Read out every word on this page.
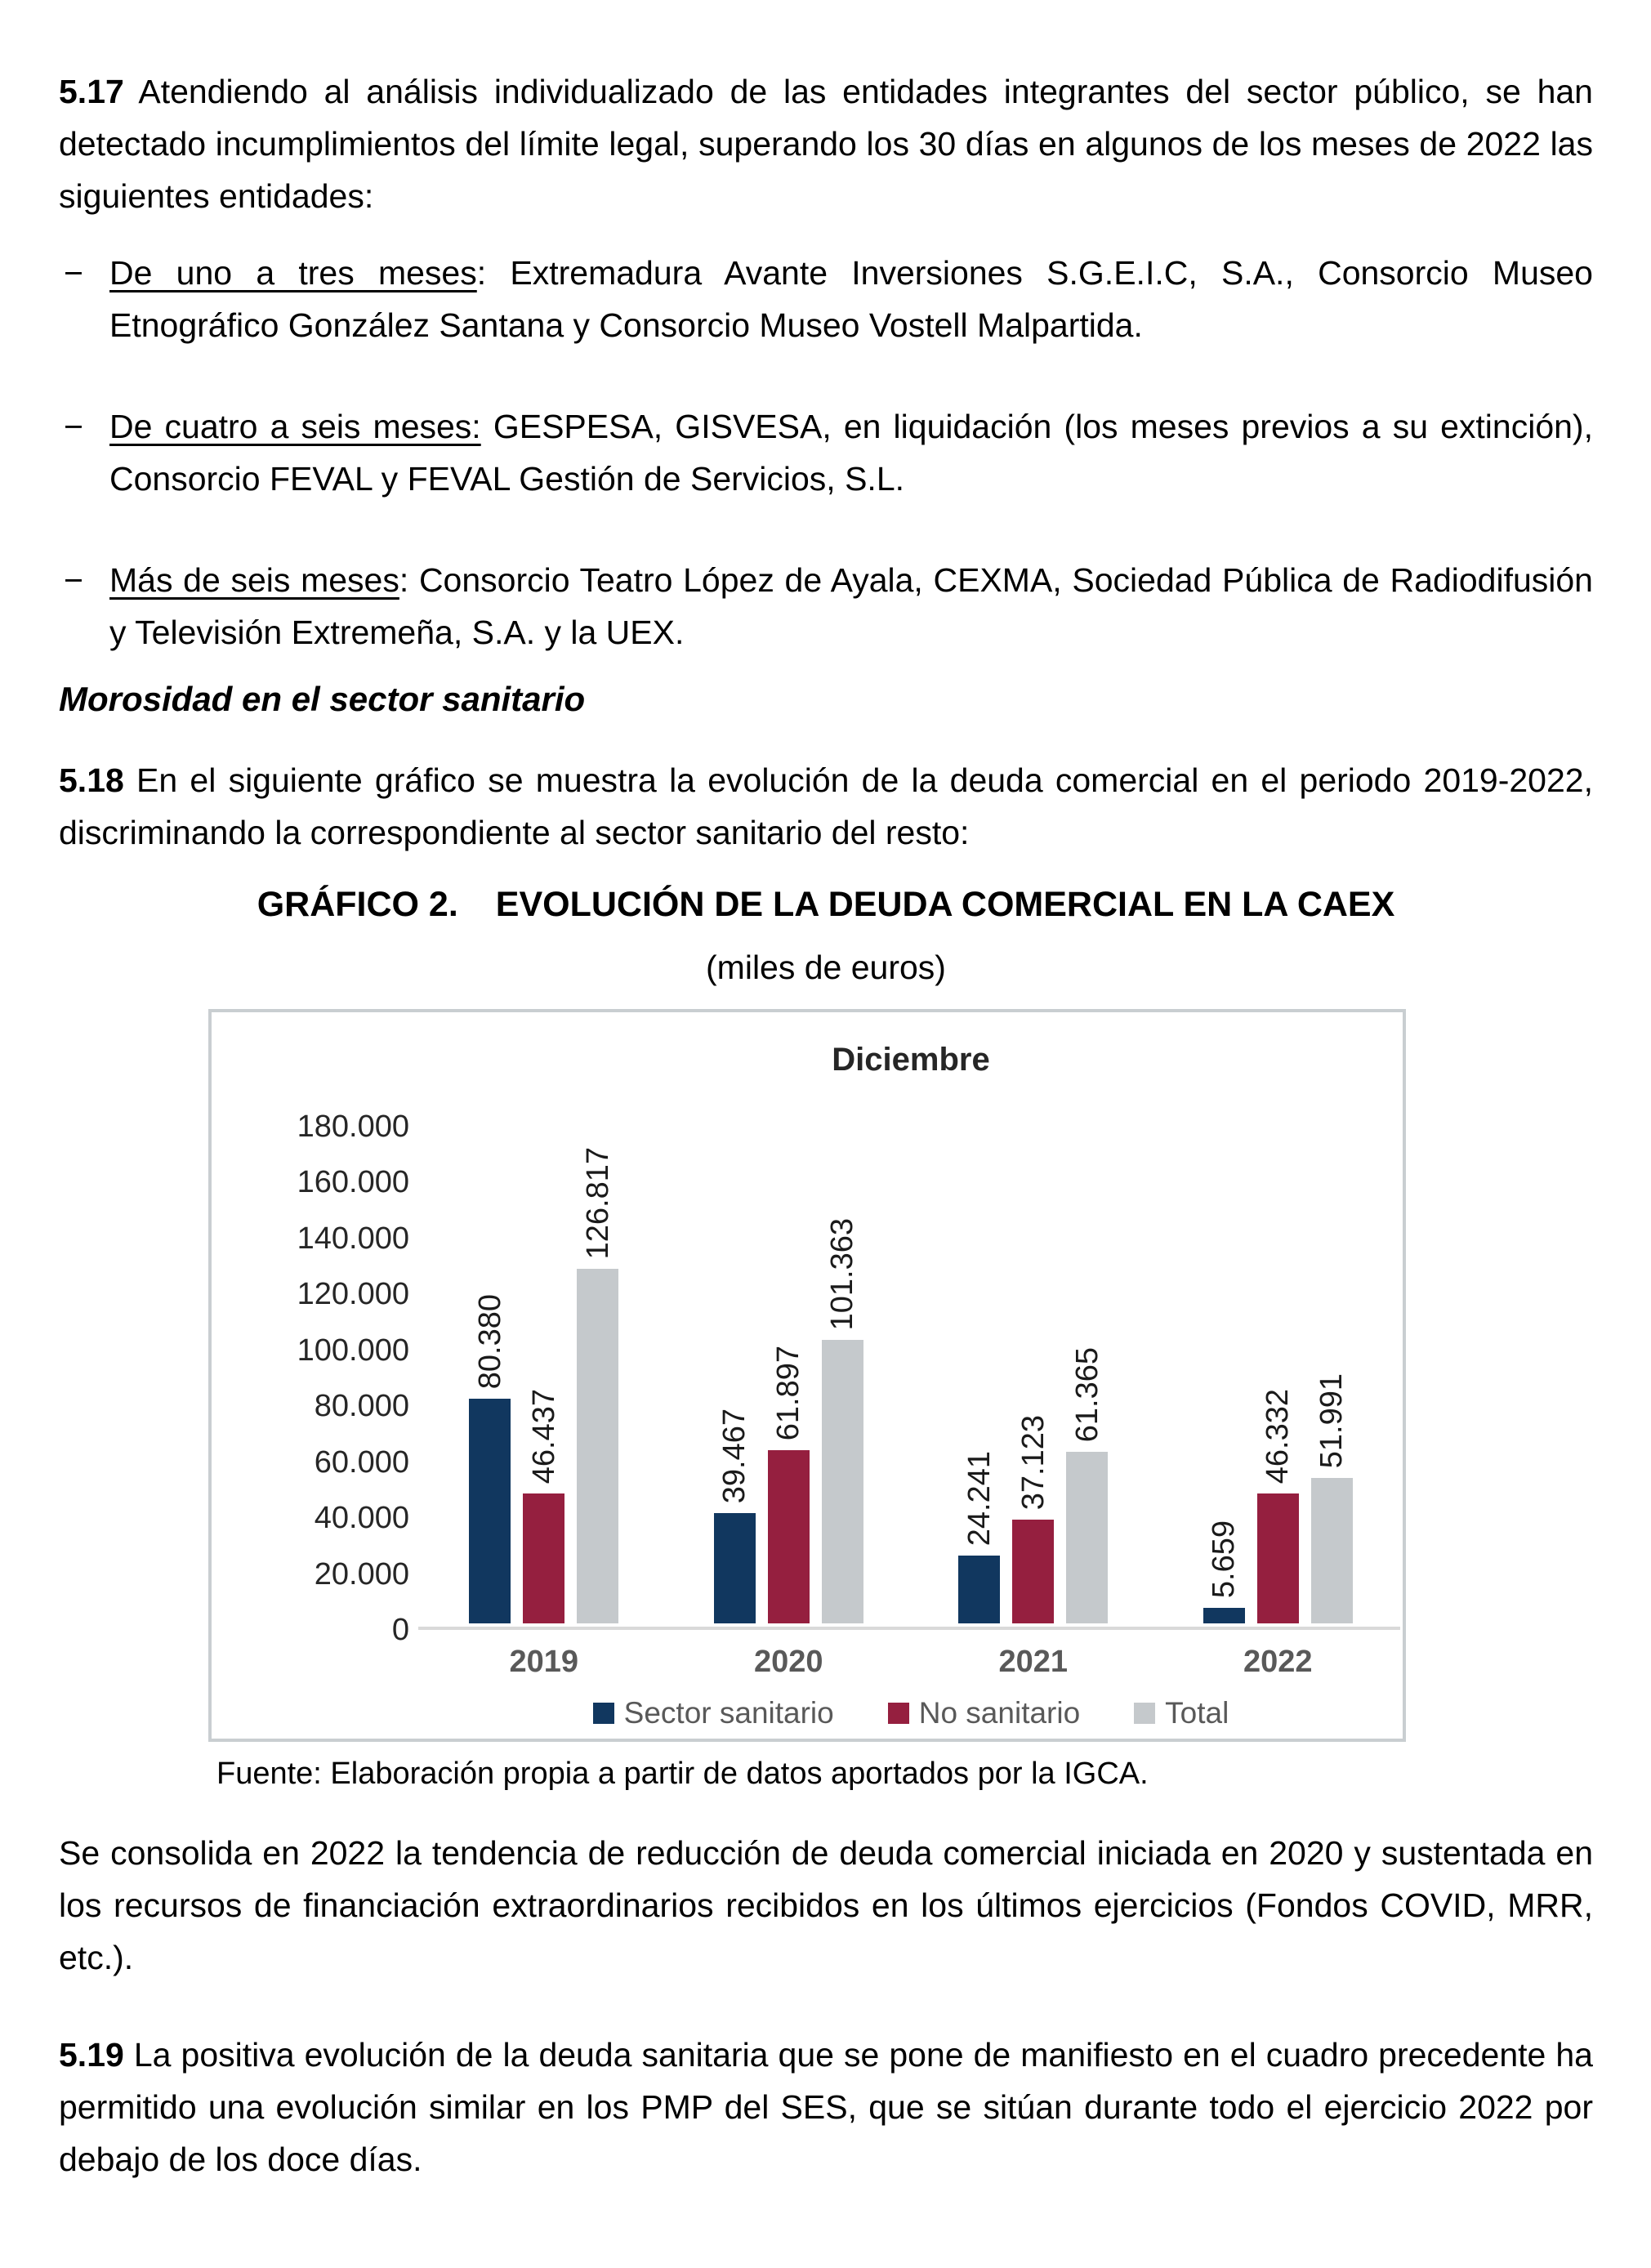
5.17 Atendiendo al análisis individualizado de las entidades integrantes del sector público, se han detectado incumplimientos del límite legal, superando los 30 días en algunos de los meses de 2022 las siguientes entidades:

− De uno a tres meses: Extremadura Avante Inversiones S.G.E.I.C, S.A., Consorcio Museo Etnográfico González Santana y Consorcio Museo Vostell Malpartida.

− De cuatro a seis meses: GESPESA, GISVESA, en liquidación (los meses previos a su extinción), Consorcio FEVAL y FEVAL Gestión de Servicios, S.L.

− Más de seis meses: Consorcio Teatro López de Ayala, CEXMA, Sociedad Pública de Radiodifusión y Televisión Extremeña, S.A. y la UEX.

Morosidad en el sector sanitario

5.18 En el siguiente gráfico se muestra la evolución de la deuda comercial en el periodo 2019-2022, discriminando la correspondiente al sector sanitario del resto:

GRÁFICO 2. EVOLUCIÓN DE LA DEUDA COMERCIAL EN LA CAEX
(miles de euros)
Diciembre
0
20.000
40.000
60.000
80.000
100.000
120.000
140.000
160.000
180.000
80.380
46.437
126.817
2019
39.467
61.897
101.363
2020
24.241 37.123
61.365
2021
5.659
46.332 51.991
2022
Sector sanitario	No sanitario	Total

Fuente: Elaboración propia a partir de datos aportados por la IGCA.

Se consolida en 2022 la tendencia de reducción de deuda comercial iniciada en 2020 y sustentada en los recursos de financiación extraordinarios recibidos en los últimos ejercicios (Fondos COVID, MRR, etc.).

5.19 La positiva evolución de la deuda sanitaria que se pone de manifiesto en el cuadro precedente ha permitido una evolución similar en los PMP del SES, que se sitúan durante todo el ejercicio 2022 por debajo de los doce días.
